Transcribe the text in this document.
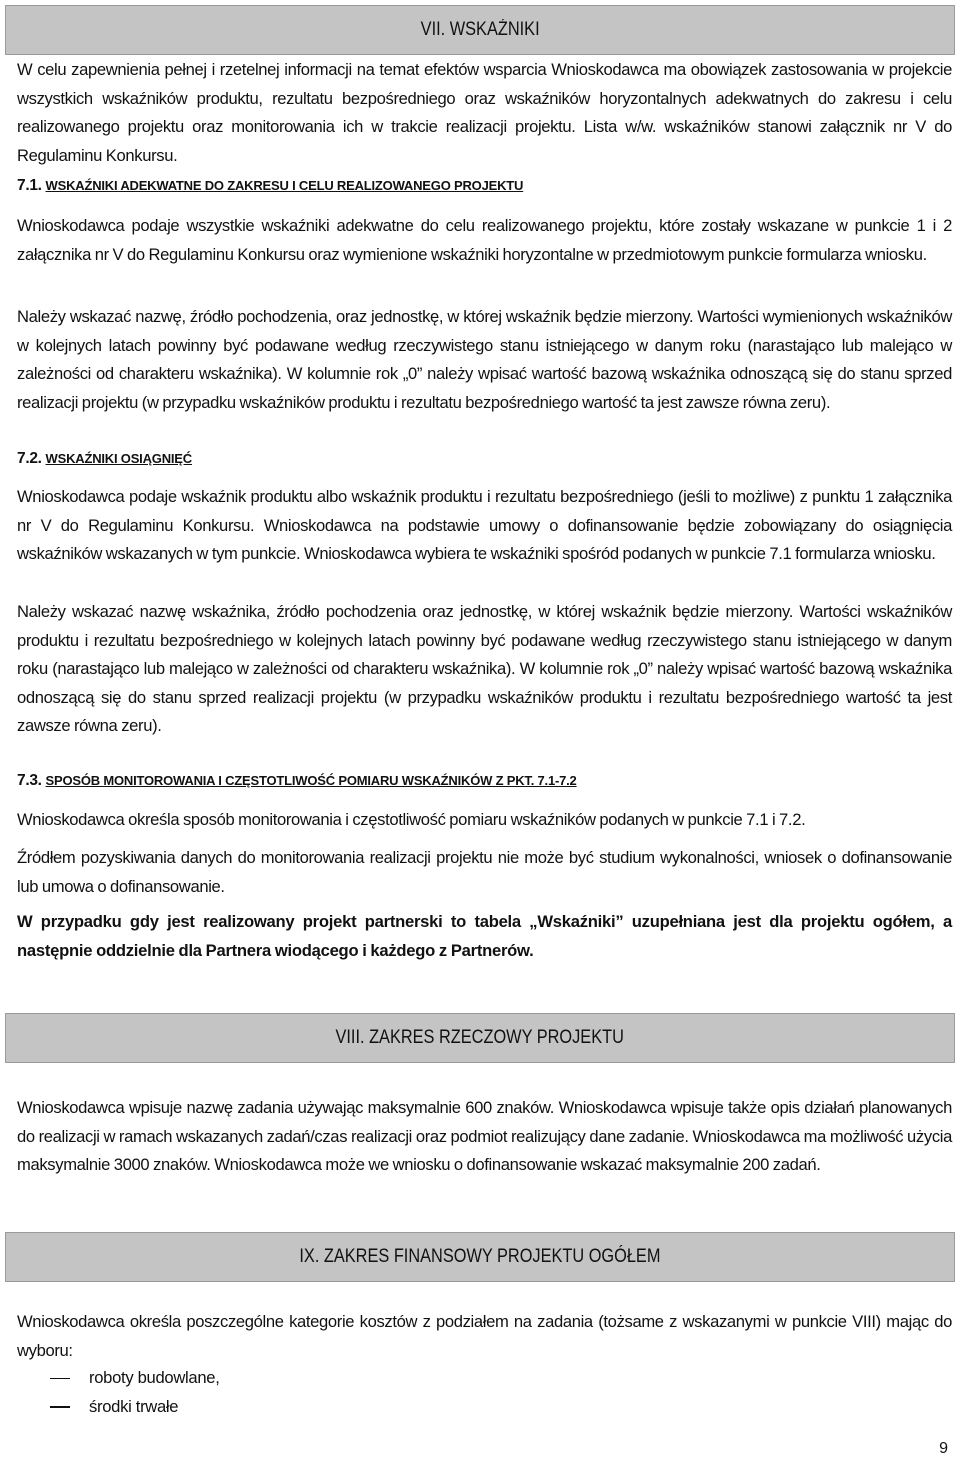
VII. WSKAŹNIKI
W celu zapewnienia pełnej i rzetelnej informacji na temat efektów wsparcia Wnioskodawca ma obowiązek zastosowania w projekcie wszystkich wskaźników produktu, rezultatu bezpośredniego oraz wskaźników horyzontalnych adekwatnych do zakresu i celu realizowanego projektu oraz monitorowania ich w trakcie realizacji projektu. Lista w/w. wskaźników stanowi załącznik nr V do Regulaminu Konkursu.
7.1. WSKAŹNIKI ADEKWATNE DO ZAKRESU I CELU REALIZOWANEGO PROJEKTU
Wnioskodawca podaje wszystkie wskaźniki adekwatne do celu realizowanego projektu, które zostały wskazane w punkcie 1 i 2 załącznika nr V do Regulaminu Konkursu oraz wymienione wskaźniki horyzontalne w przedmiotowym punkcie formularza wniosku.
Należy wskazać nazwę, źródło pochodzenia, oraz jednostkę, w której wskaźnik będzie mierzony. Wartości wymienionych wskaźników w kolejnych latach powinny być podawane według rzeczywistego stanu istniejącego w danym roku (narastająco lub malejąco w zależności od charakteru wskaźnika). W kolumnie rok „0” należy wpisać wartość bazową wskaźnika odnoszącą się do stanu sprzed realizacji projektu (w przypadku wskaźników produktu i rezultatu bezpośredniego wartość ta jest zawsze równa zeru).
7.2. WSKAŹNIKI OSIĄGNIĘĆ
Wnioskodawca podaje wskaźnik produktu albo wskaźnik produktu i rezultatu bezpośredniego (jeśli to możliwe) z punktu 1 załącznika nr V do Regulaminu Konkursu. Wnioskodawca na podstawie umowy o dofinansowanie będzie zobowiązany do osiągnięcia wskaźników wskazanych w tym punkcie. Wnioskodawca wybiera te wskaźniki spośród podanych w punkcie 7.1 formularza wniosku.
Należy wskazać nazwę wskaźnika, źródło pochodzenia oraz jednostkę, w której wskaźnik będzie mierzony. Wartości wskaźników produktu i rezultatu bezpośredniego w kolejnych latach powinny być podawane według rzeczywistego stanu istniejącego w danym roku (narastająco lub malejąco w zależności od charakteru wskaźnika). W kolumnie rok „0” należy wpisać wartość bazową wskaźnika odnoszącą się do stanu sprzed realizacji projektu (w przypadku wskaźników produktu i rezultatu bezpośredniego wartość ta jest zawsze równa zeru).
7.3. SPOSÓB MONITOROWANIA I CZĘSTOTLIWOŚĆ POMIARU WSKAŹNIKÓW Z PKT. 7.1-7.2
Wnioskodawca określa sposób monitorowania i częstotliwość pomiaru wskaźników podanych w punkcie 7.1 i 7.2.
Źródłem pozyskiwania danych do monitorowania realizacji projektu nie może być studium wykonalności, wniosek o dofinansowanie lub umowa o dofinansowanie.
W przypadku gdy jest realizowany projekt partnerski to tabela „Wskaźniki” uzupełniana jest dla projektu ogółem, a następnie oddzielnie dla Partnera wiodącego i każdego z Partnerów.
VIII. ZAKRES RZECZOWY PROJEKTU
Wnioskodawca wpisuje nazwę zadania używając maksymalnie 600 znaków. Wnioskodawca wpisuje także opis działań planowanych do realizacji w ramach wskazanych zadań/czas realizacji oraz podmiot realizujący dane zadanie. Wnioskodawca ma możliwość użycia maksymalnie 3000 znaków. Wnioskodawca może we wniosku o dofinansowanie wskazać maksymalnie 200 zadań.
IX. ZAKRES FINANSOWY PROJEKTU OGÓŁEM
Wnioskodawca określa poszczególne kategorie kosztów z podziałem na zadania (tożsame z wskazanymi w punkcie VIII) mając do wyboru:
roboty budowlane,
środki trwałe
9
